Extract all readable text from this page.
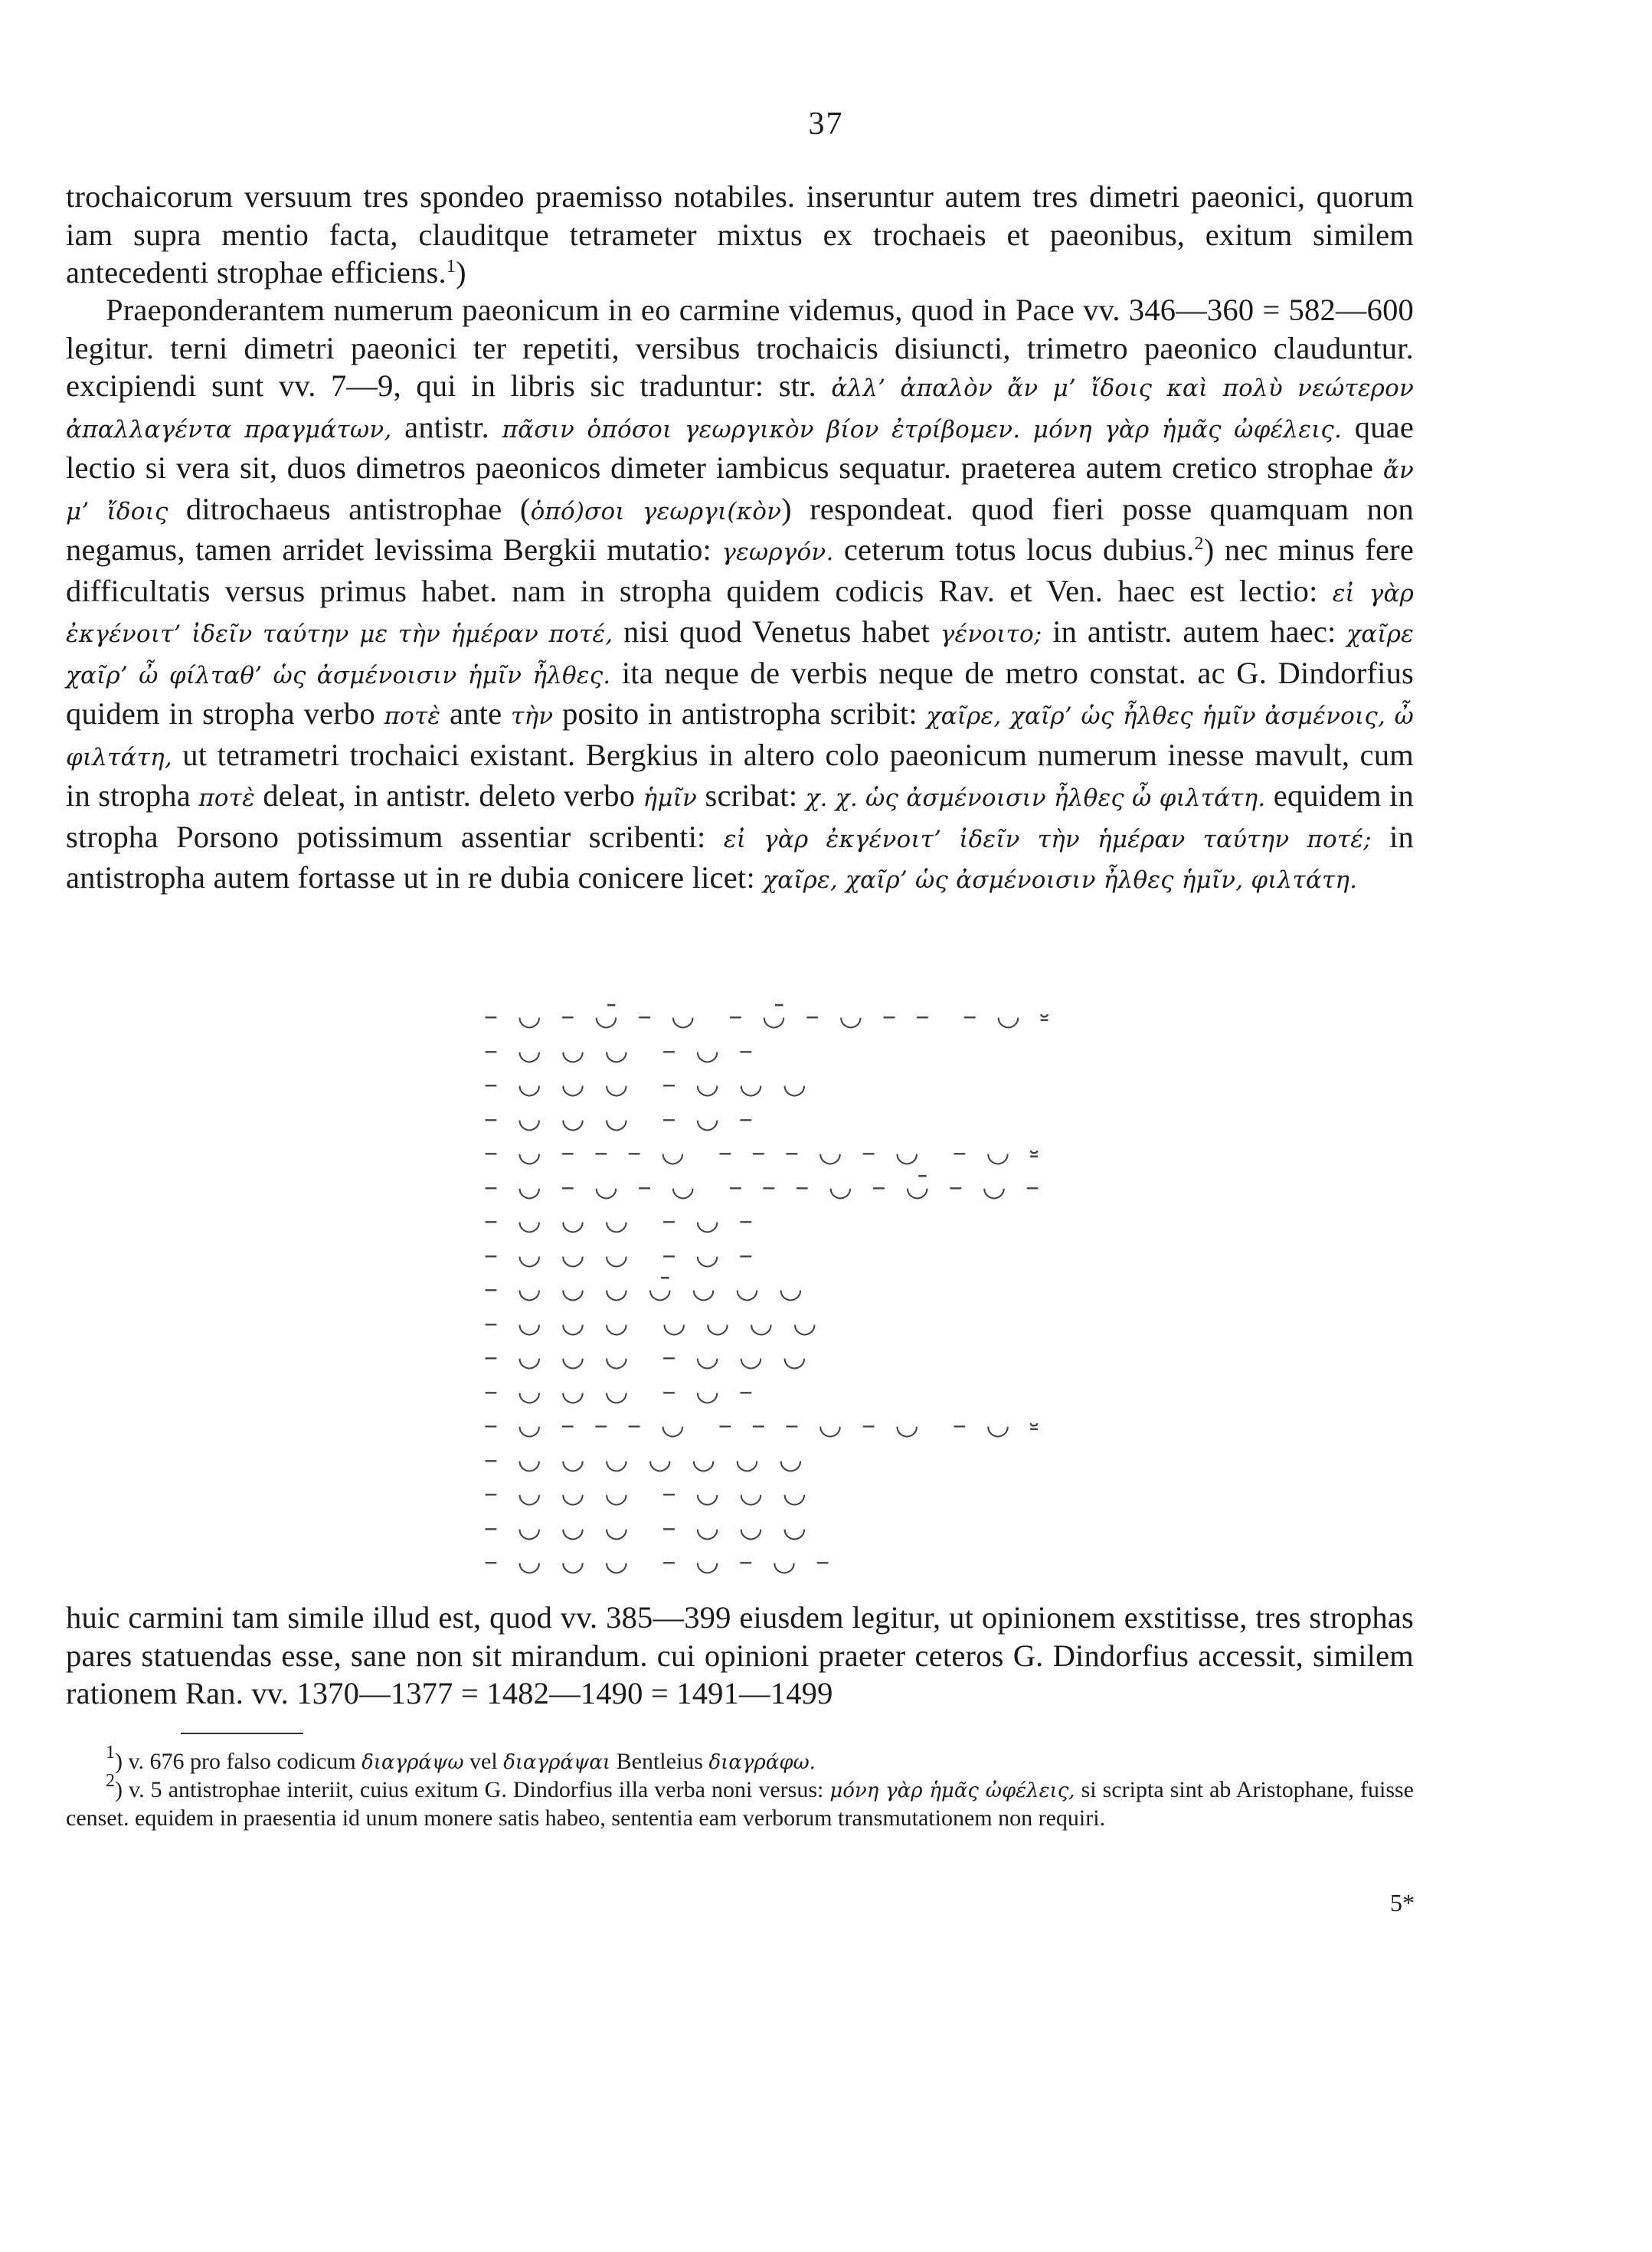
37

trochaicorum versuum tres spondeo praemisso notabiles. inseruntur autem tres dimetri paeonici, quorum iam supra mentio facta, clauditque tetrameter mixtus ex trochaeis et paeonibus, exitum similem antecedenti strophae efficiens.$^1$)

Praeponderantem numerum paeonicum in eo carmine videmus, quod in Pace vv. 346—360 = 582—600 legitur. terni dimetri paeonici ter repetiti, versibus trochaicis disiuncti, trimetro paeonico clauduntur. excipiendi sunt vv. 7—9, qui in libris sic traduntur: str. ἀλλ’ ἀπαλὸν ἄν μ’ ἴδοις καὶ πολὺ νεώτερον ἀπαλλαγέντα πραγμάτων, antistr. πᾶσιν ὁπόσοι γεωργικὸν βίον ἐτρίβομεν. μόνη γὰρ ἡμᾶς ὠφέλεις. quae lectio si vera sit, duos dimetros paeonicos dimeter iambicus sequatur. praeterea autem cretico strophae ἄν μ’ ἴδοις ditrochaeus antistrophae (ὁπό)σοι γεωργι(κὸν) respondeat. quod fieri posse quamquam non negamus, tamen arridet levissima Bergkii mutatio: γεωργόν. ceterum totus locus dubius.$^2$) nec minus fere difficultatis versus primus habet. nam in stropha quidem codicis Rav. et Ven. haec est lectio: εἰ γὰρ ἐκγένοιτ’ ἰδεῖν ταύτην με τὴν ἡμέραν ποτέ, nisi quod Venetus habet γένοιτο; in antistr. autem haec: χαῖρε χαῖρ’ ὦ φίλταθ’ ὡς ἀσμένοισιν ἡμῖν ἦλθες. ita neque de verbis neque de metro constat. ac G. Dindorfius quidem in stropha verbo ποτὲ ante τὴν posito in antistropha scribit: χαῖρε, χαῖρ’ ὡς ἦλθες ἡμῖν ἀσμένοις, ὦ φιλτάτη, ut tetrametri trochaici existant. Bergkius in altero colo paeonicum numerum inesse mavult, cum in stropha ποτὲ deleat, in antistr. deleto verbo ἡμῖν scribat: χ. χ. ὡς ἀσμένοισιν ἦλθες ὦ φιλτάτη. equidem in stropha Porsono potissimum assentiar scribenti: εἰ γὰρ ἐκγένοιτ’ ἰδεῖν τὴν ἡμέραν ταύτην ποτέ; in antistropha autem fortasse ut in re dubia conicere licet: χαῖρε, χαῖρ’ ὡς ἀσμένοισιν ἦλθες ἡμῖν, φιλτάτη.

– ◡ – ◡̄ – ◡  – ◡̄ – ◡ – –  – ◡ ⏓
– ◡ ◡ ◡  – ◡ –
– ◡ ◡ ◡  – ◡ ◡ ◡
– ◡ ◡ ◡  – ◡ –
– ◡ – – – ◡  – – – ◡ – ◡  – ◡ ⏓
– ◡ – ◡ – ◡  – – – ◡ – ◡̄ – ◡ –
– ◡ ◡ ◡  – ◡ –
– ◡ ◡ ◡  – ◡ –
– ◡ ◡ ◡ ◡̄ ◡ ◡ ◡
– ◡ ◡ ◡  ◡ ◡ ◡ ◡
– ◡ ◡ ◡  – ◡ ◡ ◡
– ◡ ◡ ◡  – ◡ –
– ◡ – – – ◡  – – – ◡ – ◡  – ◡ ⏓
– ◡ ◡ ◡ ◡ ◡ ◡ ◡
– ◡ ◡ ◡  – ◡ ◡ ◡
– ◡ ◡ ◡  – ◡ ◡ ◡
– ◡ ◡ ◡  – ◡ – ◡ –

huic carmini tam simile illud est, quod vv. 385—399 eiusdem legitur, ut opinionem exstitisse, tres strophas pares statuendas esse, sane non sit mirandum. cui opinioni praeter ceteros G. Dindorfius accessit, similem rationem Ran. vv. 1370—1377 = 1482—1490 = 1491—1499

$^1$) v. 676 pro falso codicum διαγράψω vel διαγράψαι Bentleius διαγράφω.

$^2$) v. 5 antistrophae interiit, cuius exitum G. Dindorfius illa verba noni versus: μόνη γὰρ ἡμᾶς ὠφέλεις, si scripta sint ab Aristophane, fuisse censet. equidem in praesentia id unum monere satis habeo, sententia eam verborum transmutationem non requiri.

5*
